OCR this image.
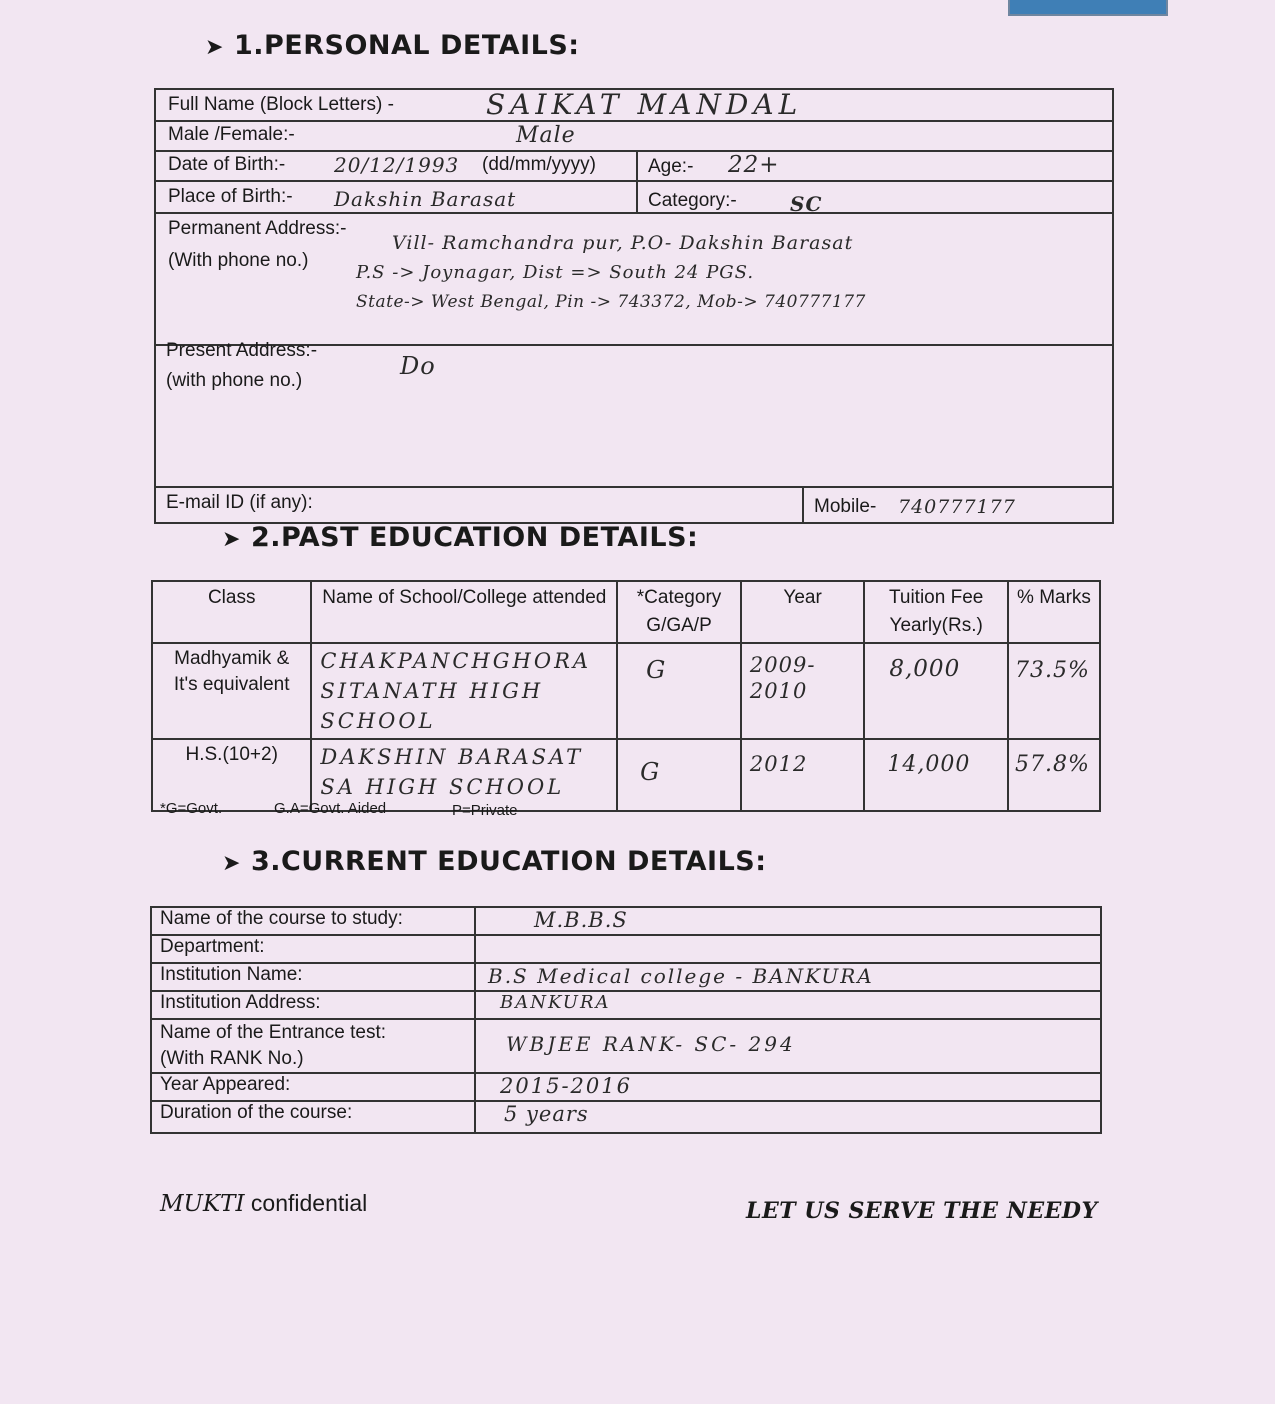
➤ 1.PERSONAL DETAILS:
Full Name (Block Letters) -	SAIKAT MANDAL
Male /Female:-	Male
Date of Birth:- 20/12/1993 (dd/mm/yyyy)	Age:- 22+
Place of Birth:- Dakshin Barasat	Category:-	SC
Permanent Address:-
(With phone no.)
Vill- Ramchandra pur, P.O- Dakshin Barasat
P.S -> Joynagar, Dist => South 24 PGS.
State-> West Bengal, Pin -> 743372, Mob-> 740777177
Present Address:-
(with phone no.)
Do
E-mail ID (if any):	Mobile- 740777177
➤ 2.PAST EDUCATION DETAILS:
Class	Name of School/College attended	*Category G/GA/P	Year	Tuition Fee Yearly(Rs.)	% Marks
Madhyamik & It's equivalent	CHAKPANCHGHORA SITANATH HIGH SCHOOL	G	2009-2010	8,000	73.5%
H.S.(10+2)	DAKSHIN BARASAT SA HIGH SCHOOL	G	2012	14,000	57.8%
*G=Govt.	G.A=Govt. Aided	P=Private
➤ 3.CURRENT EDUCATION DETAILS:
Name of the course to study:	M.B.B.S
Department:	
Institution Name:	B.S Medical college - BANKURA
Institution Address:	BANKURA
Name of the Entrance test: (With RANK No.)	WBJEE RANK- SC- 294
Year Appeared:	2015-2016
Duration of the course:	5 years
MUKTI confidential	LET US SERVE THE NEEDY
